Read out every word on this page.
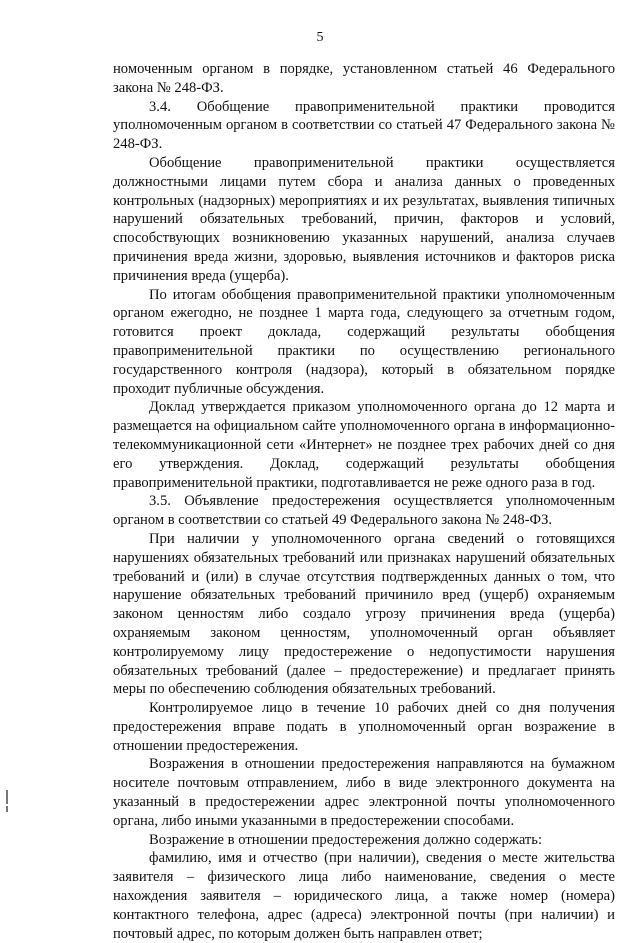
5

номоченным органом в порядке, установленном статьей 46 Федерального закона № 248-ФЗ.

3.4. Обобщение правоприменительной практики проводится уполномоченным органом в соответствии со статьей 47 Федерального закона № 248-ФЗ.

Обобщение правоприменительной практики осуществляется должностными лицами путем сбора и анализа данных о проведенных контрольных (надзорных) мероприятиях и их результатах, выявления типичных нарушений обязательных требований, причин, факторов и условий, способствующих возникновению указанных нарушений, анализа случаев причинения вреда жизни, здоровью, выявления источников и факторов риска причинения вреда (ущерба).

По итогам обобщения правоприменительной практики уполномоченным органом ежегодно, не позднее 1 марта года, следующего за отчетным годом, готовится проект доклада, содержащий результаты обобщения правоприменительной практики по осуществлению регионального государственного контроля (надзора), который в обязательном порядке проходит публичные обсуждения.

Доклад утверждается приказом уполномоченного органа до 12 марта и размещается на официальном сайте уполномоченного органа в информационно-телекоммуникационной сети «Интернет» не позднее трех рабочих дней со дня его утверждения. Доклад, содержащий результаты обобщения правоприменительной практики, подготавливается не реже одного раза в год.

3.5. Объявление предостережения осуществляется уполномоченным органом в соответствии со статьей 49 Федерального закона № 248-ФЗ.

При наличии у уполномоченного органа сведений о готовящихся нарушениях обязательных требований или признаках нарушений обязательных требований и (или) в случае отсутствия подтвержденных данных о том, что нарушение обязательных требований причинило вред (ущерб) охраняемым законом ценностям либо создало угрозу причинения вреда (ущерба) охраняемым законом ценностям, уполномоченный орган объявляет контролируемому лицу предостережение о недопустимости нарушения обязательных требований (далее – предостережение) и предлагает принять меры по обеспечению соблюдения обязательных требований.

Контролируемое лицо в течение 10 рабочих дней со дня получения предостережения вправе подать в уполномоченный орган возражение в отношении предостережения.

Возражения в отношении предостережения направляются на бумажном носителе почтовым отправлением, либо в виде электронного документа на указанный в предостережении адрес электронной почты уполномоченного органа, либо иными указанными в предостережении способами.

Возражение в отношении предостережения должно содержать:

фамилию, имя и отчество (при наличии), сведения о месте жительства заявителя – физического лица либо наименование, сведения о месте нахождения заявителя – юридического лица, а также номер (номера) контактного телефона, адрес (адреса) электронной почты (при наличии) и почтовый адрес, по которым должен быть направлен ответ;
